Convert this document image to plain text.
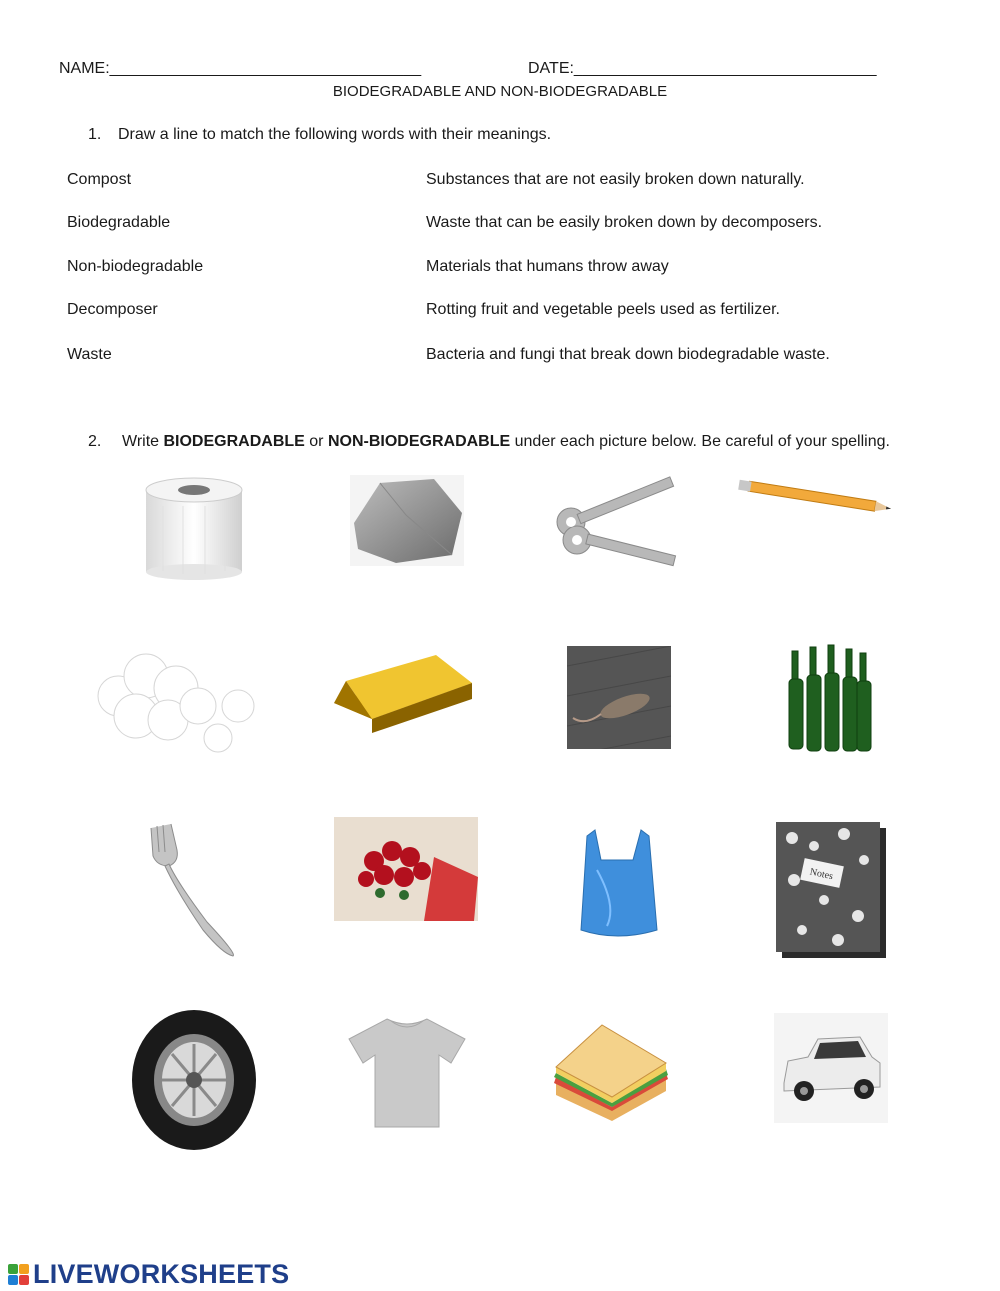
NAME:___________________________________	DATE:__________________________________
BIODEGRADABLE AND NON-BIODEGRADABLE
1. Draw a line to match the following words with their meanings.
Compost
Biodegradable
Non-biodegradable
Decomposer
Waste
Substances that are not easily broken down naturally.
Waste that can be easily broken down by decomposers.
Materials that humans throw away
Rotting fruit and vegetable peels used as fertilizer.
Bacteria and fungi that break down biodegradable waste.
2. Write BIODEGRADABLE or NON-BIODEGRADABLE under each picture below. Be careful of your spelling.
Notes
LIVEWORKSHEETS
